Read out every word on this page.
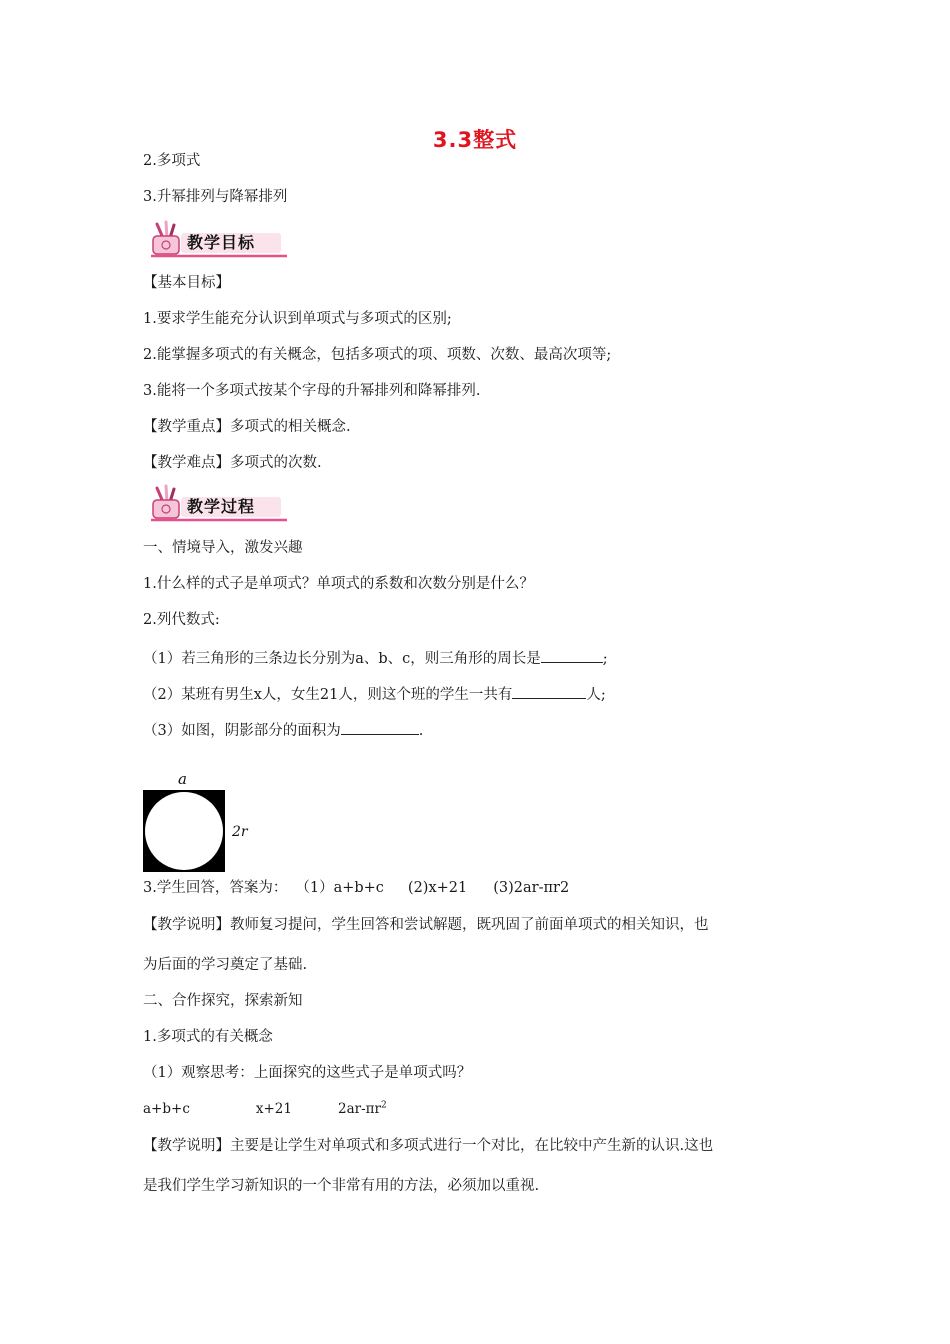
3.3整式
2.多项式
3.升幂排列与降幂排列
教学目标
【基本目标】
1.要求学生能充分认识到单项式与多项式的区别;
2.能掌握多项式的有关概念，包括多项式的项、项数、次数、最高次项等;
3.能将一个多项式按某个字母的升幂排列和降幂排列.
【教学重点】多项式的相关概念.
【教学难点】多项式的次数.
教学过程
一、情境导入，激发兴趣
1.什么样的式子是单项式？单项式的系数和次数分别是什么？
2.列代数式:
（1）若三角形的三条边长分别为a、b、c，则三角形的周长是	;
（2）某班有男生x人，女生21人，则这个班的学生一共有	人;
（3）如图，阴影部分的面积为	.
a
2r
3.学生回答，答案为： （1）a+b+c (2)x+21 (3)2ar-πr2
【教学说明】教师复习提问，学生回答和尝试解题，既巩固了前面单项式的相关知识，也
为后面的学习奠定了基础.
二、合作探究，探索新知
1.多项式的有关概念
（1）观察思考：上面探究的这些式子是单项式吗？
a+b+c	x+21	$2ar-\pi r^2$
【教学说明】主要是让学生对单项式和多项式进行一个对比，在比较中产生新的认识.这也
是我们学生学习新知识的一个非常有用的方法，必须加以重视.
